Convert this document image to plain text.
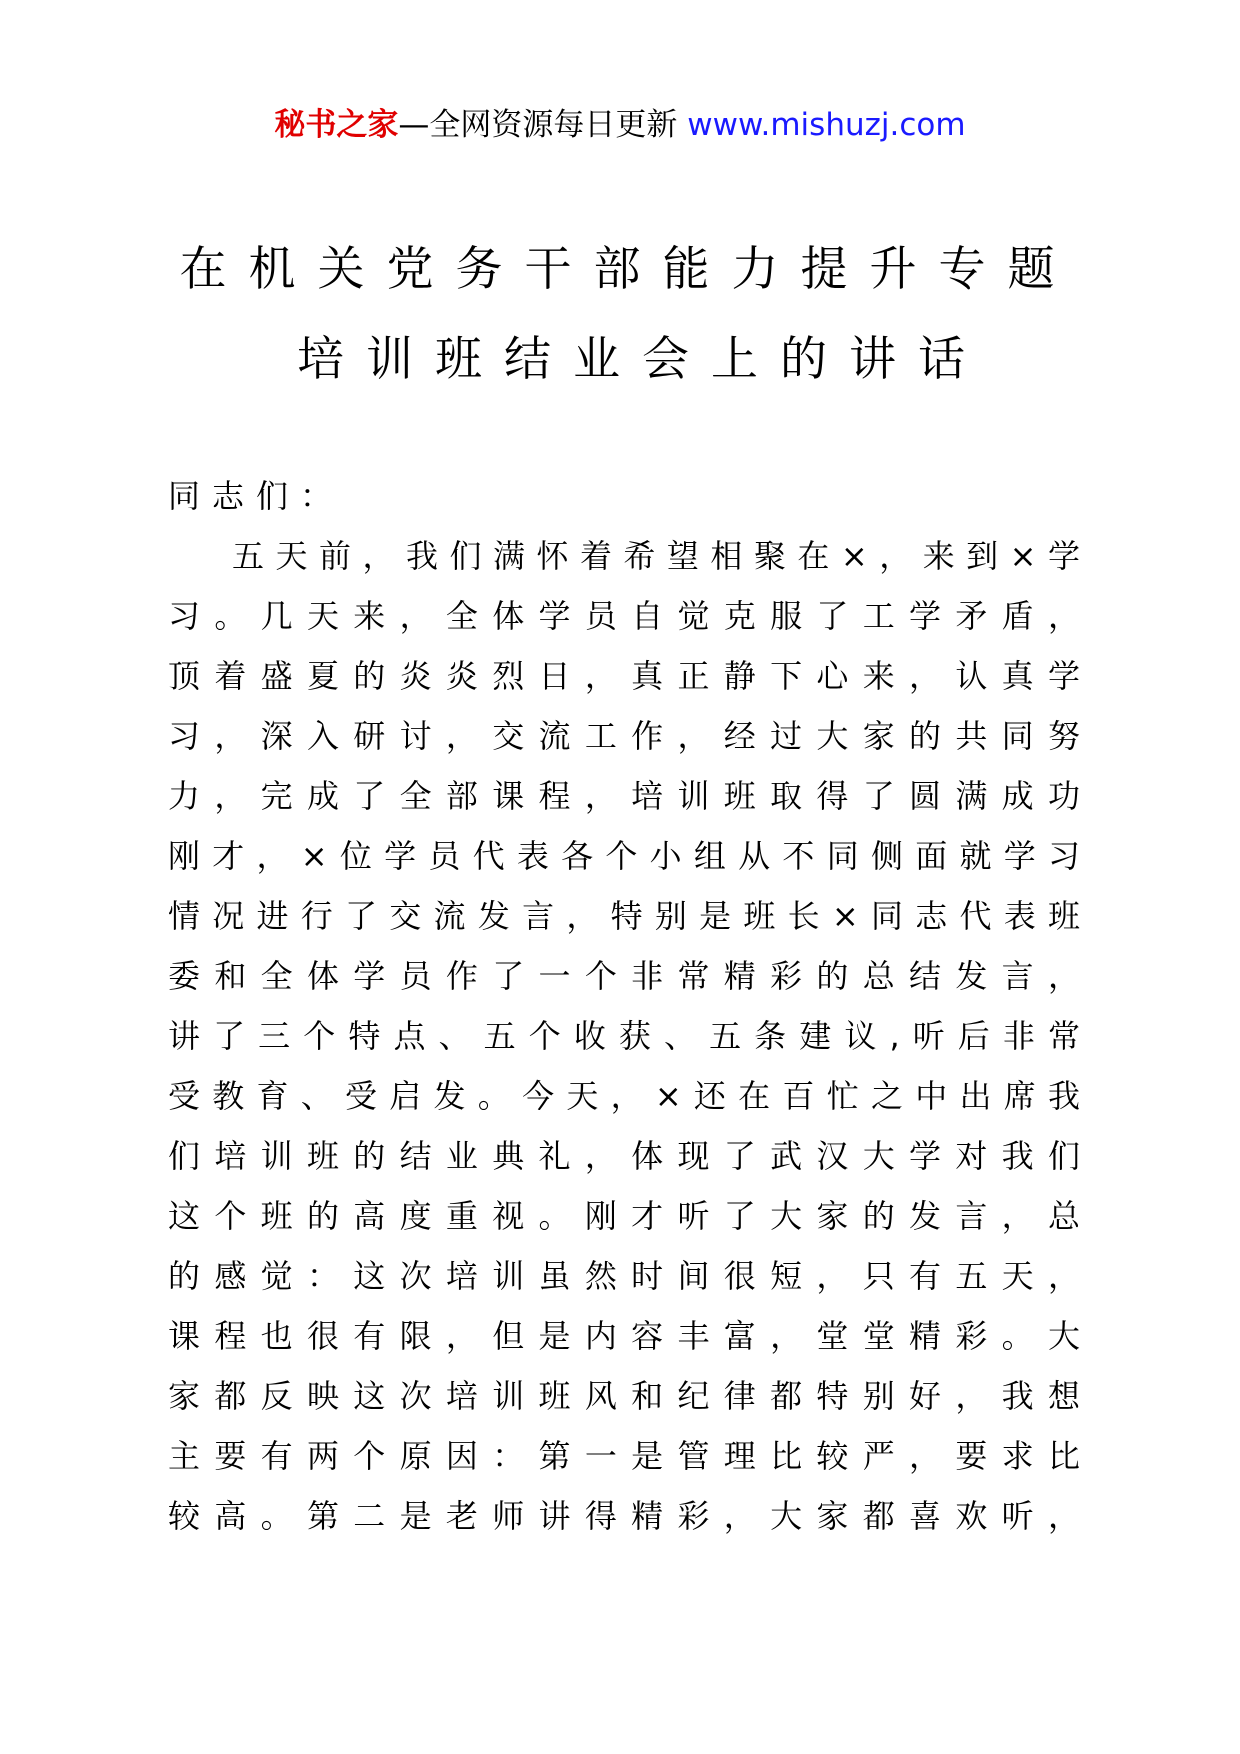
秘书之家—全网资源每日更新 www.mishuzj.com
在机关党务干部能力提升专题
培训班结业会上的讲话
同志们：
五天前，我们满怀着希望相聚在×，来到×学
习。几天来，全体学员自觉克服了工学矛盾，
顶着盛夏的炎炎烈日，真正静下心来，认真学
习，深入研讨，交流工作，经过大家的共同努
力，完成了全部课程，培训班取得了圆满成功
刚才，×位学员代表各个小组从不同侧面就学习
情况进行了交流发言，特别是班长×同志代表班
委和全体学员作了一个非常精彩的总结发言，
讲了三个特点、五个收获、五条建议,听后非常
受教育、受启发。今天，×还在百忙之中出席我
们培训班的结业典礼，体现了武汉大学对我们
这个班的高度重视。刚才听了大家的发言，总
的感觉：这次培训虽然时间很短，只有五天，
课程也很有限，但是内容丰富，堂堂精彩。大
家都反映这次培训班风和纪律都特别好，我想
主要有两个原因：第一是管理比较严，要求比
较高。第二是老师讲得精彩，大家都喜欢听，
